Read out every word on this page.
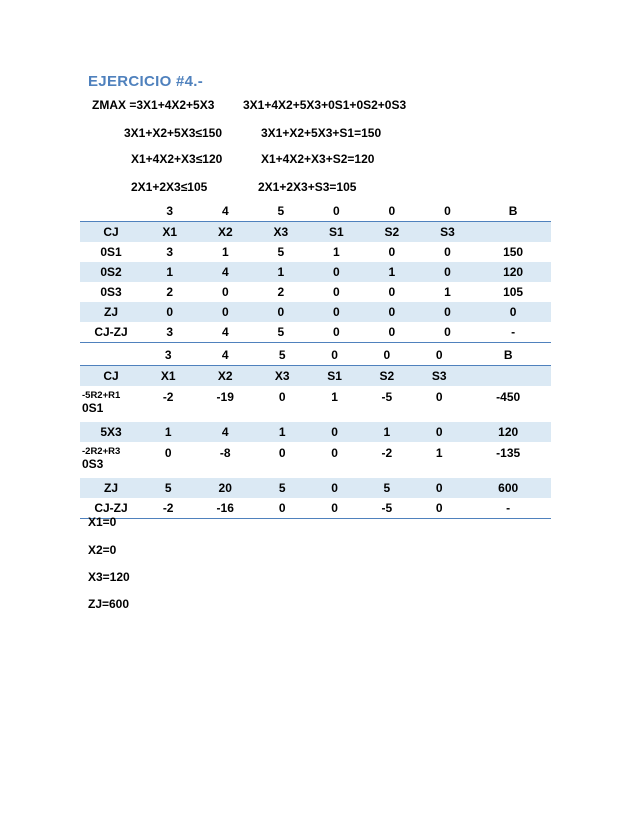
EJERCICIO #4.-
ZMAX =3X1+4X2+5X3 3X1+4X2+5X3+0S1+0S2+0S3
3X1+X2+5X3≤150	3X1+X2+5X3+S1=150
X1+4X2+X3≤120	X1+4X2+X3+S2=120
2X1+2X3≤105	2X1+2X3+S3=105
	3	4	5	0	0	0	B
CJ	X1	X2	X3	S1	S2	S3	
0S1	3	1	5	1	0	0	150
0S2	1	4	1	0	1	0	120
0S3	2	0	2	0	0	1	105
ZJ	0	0	0	0	0	0	0
CJ-ZJ	3	4	5	0	0	0	-
	3	4	5	0	0	0	B
CJ	X1	X2	X3	S1	S2	S3	

-5R2+R1
0S1	-2	-19	0	1	-5	0	-450
5X3	1	4	1	0	1	0	120

-2R2+R3
0S3	0	-8	0	0	-2	1	-135
ZJ	5	20	5	0	5	0	600
CJ-ZJ	-2	-16	0	0	-5	0	-
X1=0
X2=0
X3=120
ZJ=600
